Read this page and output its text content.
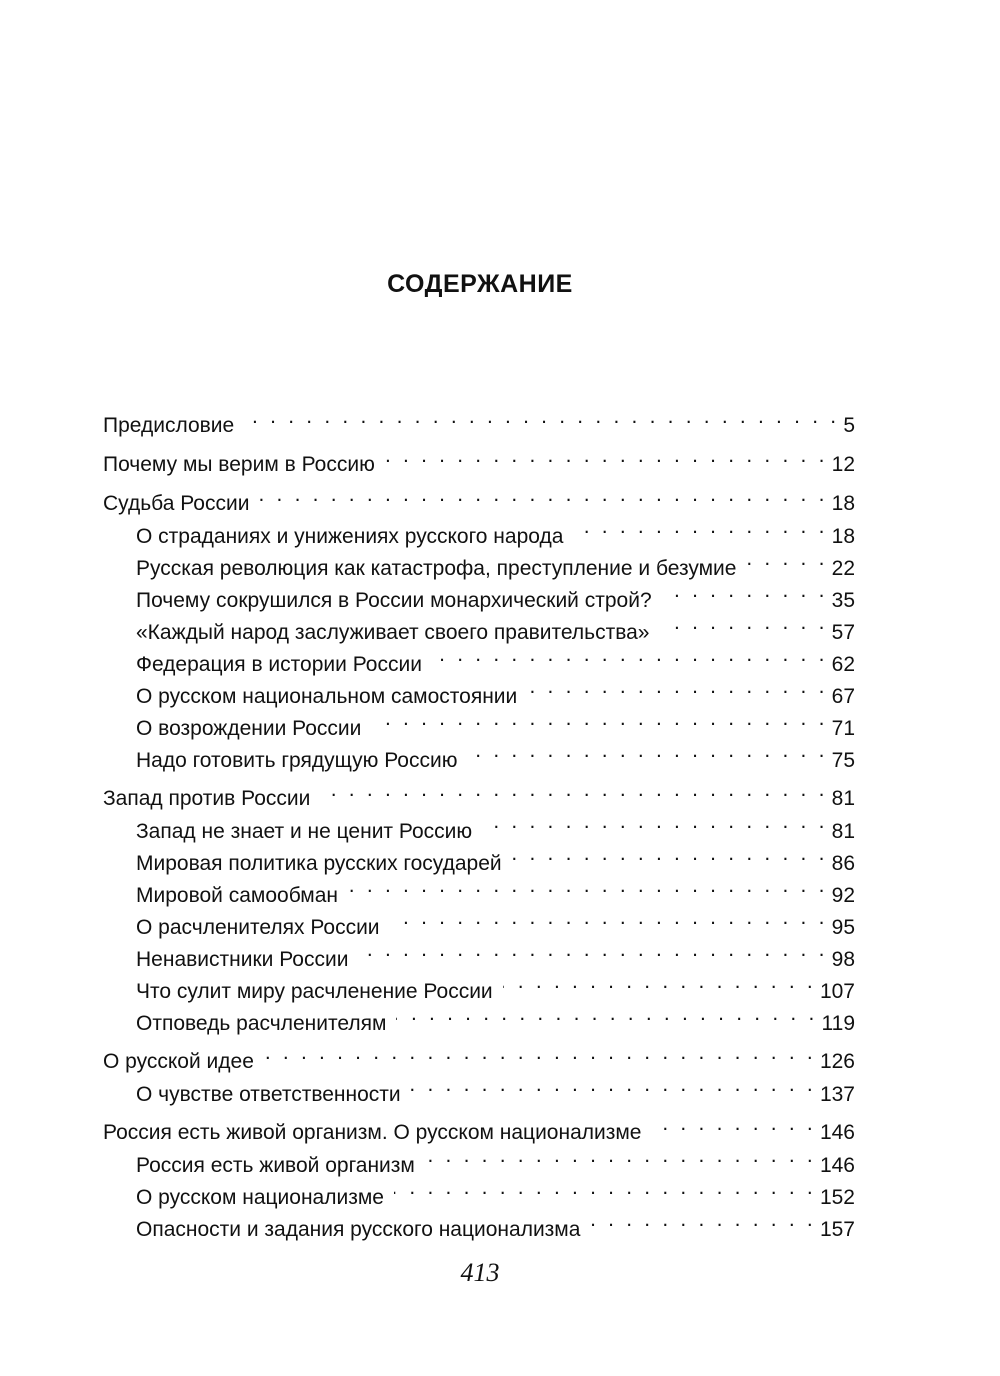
СОДЕРЖАНИЕ
Предисловие . . .	5
Почему мы верим в Россию . . .	12
Судьба России . . .	18
О страданиях и унижениях русского народа . . .	18
Русская революция как катастрофа, преступление и безумие . . .	22
Почему сокрушился в России монархический строй? . . .	35
«Каждый народ заслуживает своего правительства» . . .	57
Федерация в истории России . . .	62
О русском национальном самостоянии . . .	67
О возрождении России . . .	71
Надо готовить грядущую Россию . . .	75
Запад против России . . .	81
Запад не знает и не ценит Россию . . .	81
Мировая политика русских государей . . .	86
Мировой самообман . . .	92
О расчленителях России . . .	95
Ненавистники России . . .	98
Что сулит миру расчленение России . . .	107
Отповедь расчленителям . . .	119
О русской идее . . .	126
О чувстве ответственности . . .	137
Россия есть живой организм. О русском национализме . . .	146
Россия есть живой организм . . .	146
О русском национализме . . .	152
Опасности и задания русского национализма . . .	157
413
